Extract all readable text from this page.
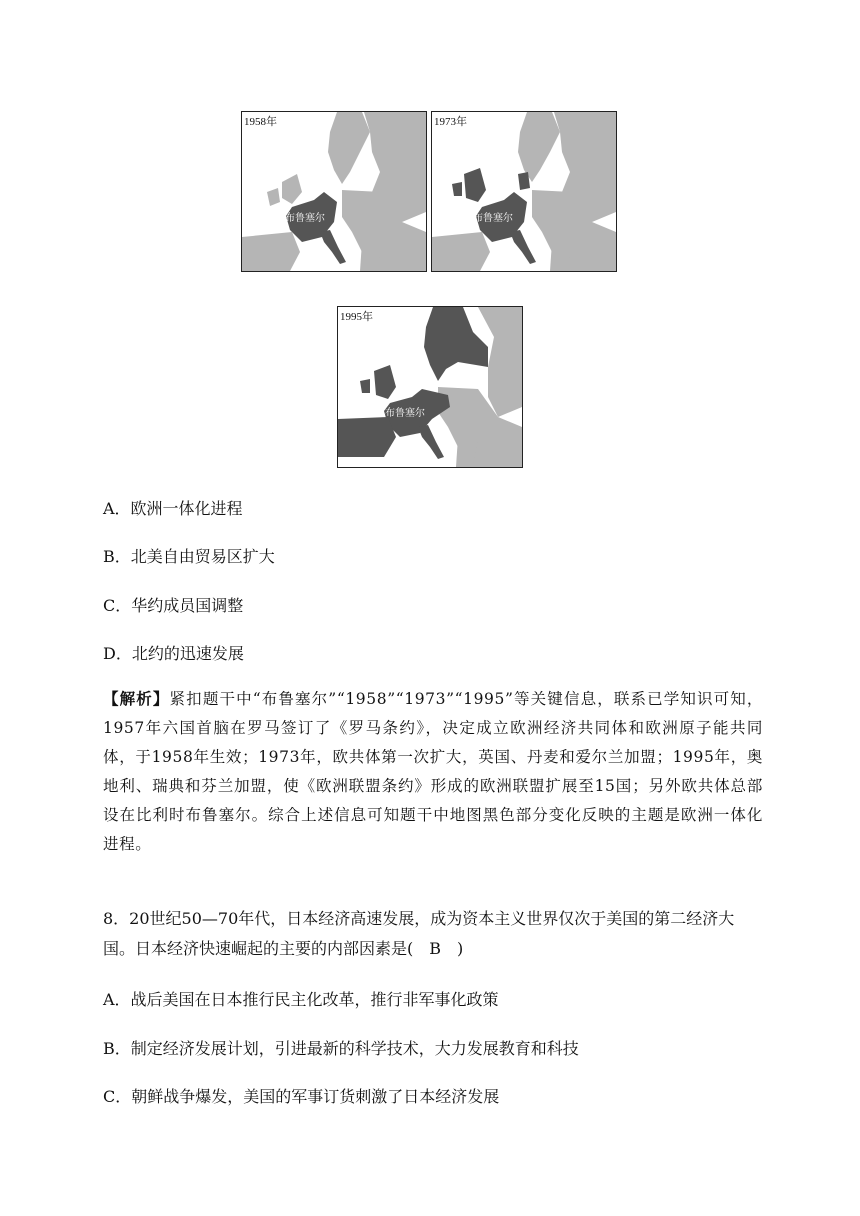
1958年
布鲁塞尔
1973年
布鲁塞尔
1995年
布鲁塞尔
A．欧洲一体化进程
B．北美自由贸易区扩大
C．华约成员国调整
D．北约的迅速发展
【解析】紧扣题干中“布鲁塞尔”“1958”“1973”“1995”等关键信息，联系已学知识可知，1957年六国首脑在罗马签订了《罗马条约》，决定成立欧洲经济共同体和欧洲原子能共同体，于1958年生效；1973年，欧共体第一次扩大，英国、丹麦和爱尔兰加盟；1995年，奥地利、瑞典和芬兰加盟，使《欧洲联盟条约》形成的欧洲联盟扩展至15国；另外欧共体总部设在比利时布鲁塞尔。综合上述信息可知题干中地图黑色部分变化反映的主题是欧洲一体化进程。
8．20世纪50—70年代，日本经济高速发展，成为资本主义世界仅次于美国的第二经济大国。日本经济快速崛起的主要的内部因素是(　B　)
A．战后美国在日本推行民主化改革，推行非军事化政策
B．制定经济发展计划，引进最新的科学技术，大力发展教育和科技
C．朝鲜战争爆发，美国的军事订货刺激了日本经济发展
